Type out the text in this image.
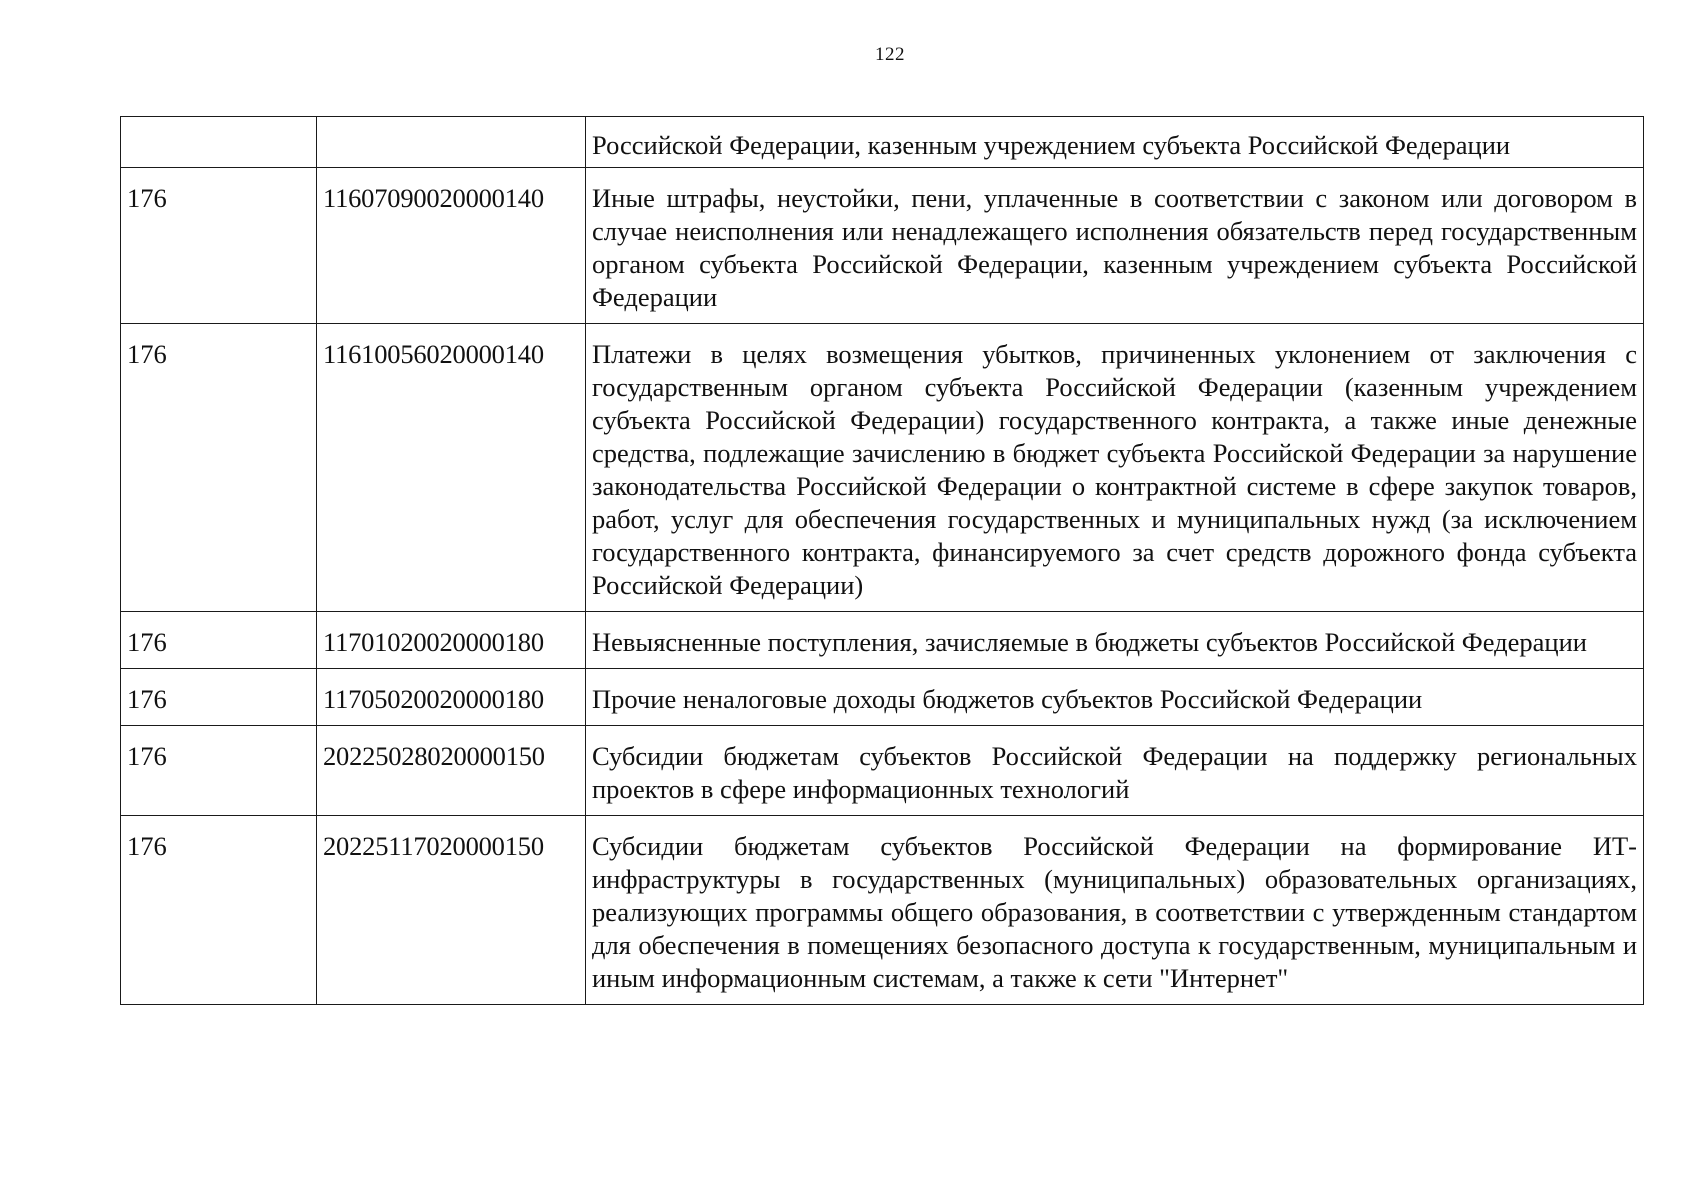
122
		Российской Федерации, казенным учреждением субъекта Российской Федерации
176	11607090020000140	Иные штрафы, неустойки, пени, уплаченные в соответствии с законом или договором в случае неисполнения или ненадлежащего исполнения обязательств перед государственным органом субъекта Российской Федерации, казенным учреждением субъекта Российской Федерации
176	11610056020000140	Платежи в целях возмещения убытков, причиненных уклонением от заключения с государственным органом субъекта Российской Федерации (казенным учреждением субъекта Российской Федерации) государственного контракта, а также иные денежные средства, подлежащие зачислению в бюджет субъекта Российской Федерации за нарушение законодательства Российской Федерации о контрактной системе в сфере закупок товаров, работ, услуг для обеспечения государственных и муниципальных нужд (за исключением государственного контракта, финансируемого за счет средств дорожного фонда субъекта Российской Федерации)
176	11701020020000180	Невыясненные поступления, зачисляемые в бюджеты субъектов Российской Федерации
176	11705020020000180	Прочие неналоговые доходы бюджетов субъектов Российской Федерации
176	20225028020000150	Субсидии бюджетам субъектов Российской Федерации на поддержку региональных проектов в сфере информационных технологий
176	20225117020000150	Субсидии бюджетам субъектов Российской Федерации на формирование ИТ-инфраструктуры в государственных (муниципальных) образовательных организациях, реализующих программы общего образования, в соответствии с утвержденным стандартом для обеспечения в помещениях безопасного доступа к государственным, муниципальным и иным информационным системам, а также к сети "Интернет"
